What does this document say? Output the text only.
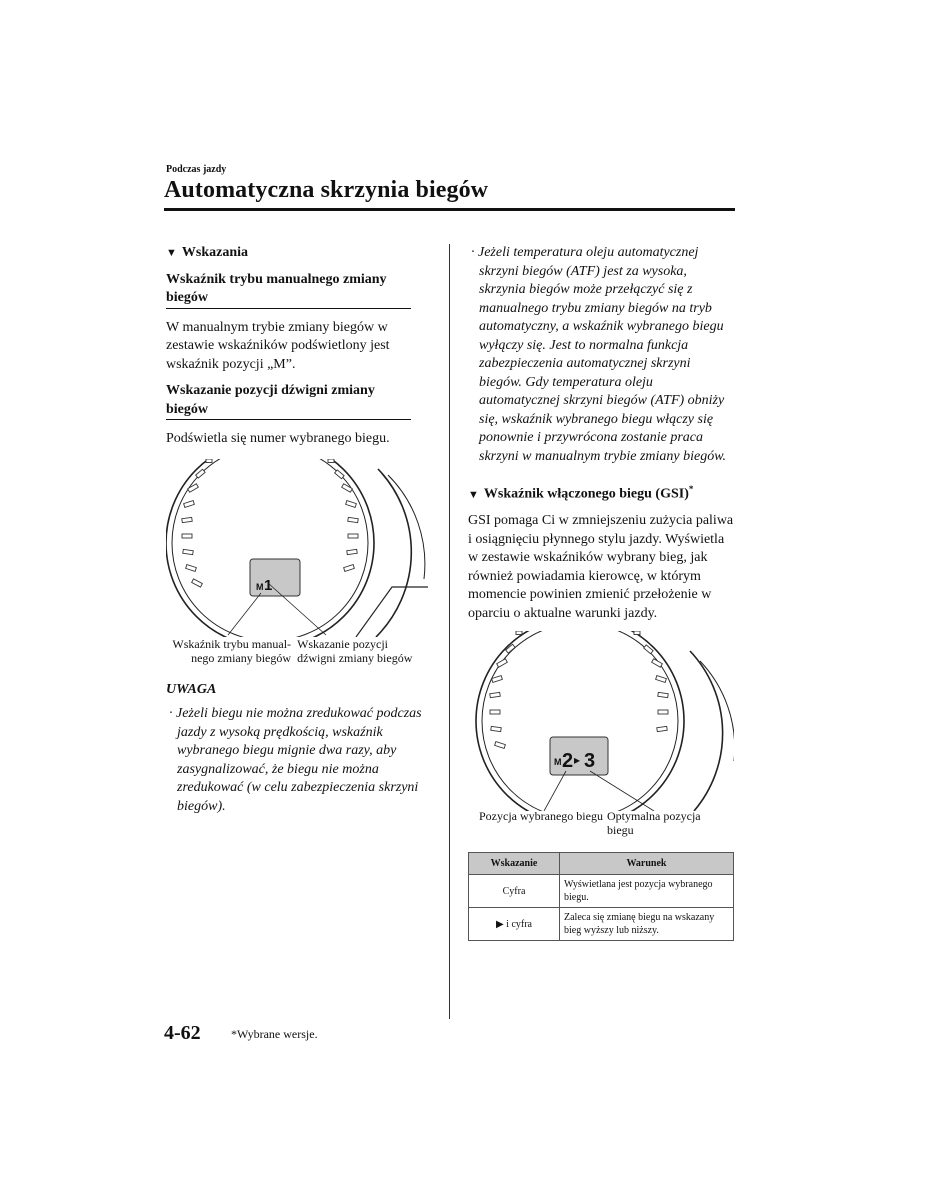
Podczas jazdy
Automatyczna skrzynia biegów
▼ Wskazania
Wskaźnik trybu manualnego zmiany biegów
W manualnym trybie zmiany biegów w zestawie wskaźników podświetlony jest wskaźnik pozycji „M”.
Wskazanie pozycji dźwigni zmiany biegów
Podświetla się numer wybranego biegu.
M 1
Wskaźnik trybu manual-nego zmiany biegów
Wskazanie pozycji dźwigni zmiany biegów
UWAGA
· Jeżeli biegu nie można zredukować podczas jazdy z wysoką prędkością, wskaźnik wybranego biegu mignie dwa razy, aby zasygnalizować, że biegu nie można zredukować (w celu zabezpieczenia skrzyni biegów).
· Jeżeli temperatura oleju automatycznej skrzyni biegów (ATF) jest za wysoka, skrzynia biegów może przełączyć się z manualnego trybu zmiany biegów na tryb automatyczny, a wskaźnik wybranego biegu wyłączy się. Jest to normalna funkcja zabezpieczenia automatycznej skrzyni biegów. Gdy temperatura oleju automatycznej skrzyni biegów (ATF) obniży się, wskaźnik wybranego biegu włączy się ponownie i przywrócona zostanie praca skrzyni w manualnym trybie zmiany biegów.
▼ Wskaźnik włączonego biegu (GSI)*
GSI pomaga Ci w zmniejszeniu zużycia paliwa i osiągnięciu płynnego stylu jazdy. Wyświetla w zestawie wskaźników wybrany bieg, jak również powiadamia kierowcę, w którym momencie powinien zmienić przełożenie w oparciu o aktualne warunki jazdy.
M 2 ▸ 3
Pozycja wybranego biegu Optymalna pozycja biegu
Wskazanie	Warunek
Cyfra	Wyświetlana jest pozycja wybranego biegu.
▶ i cyfra	Zaleca się zmianę biegu na wskazany bieg wyższy lub niższy.
4-62	*Wybrane wersje.
